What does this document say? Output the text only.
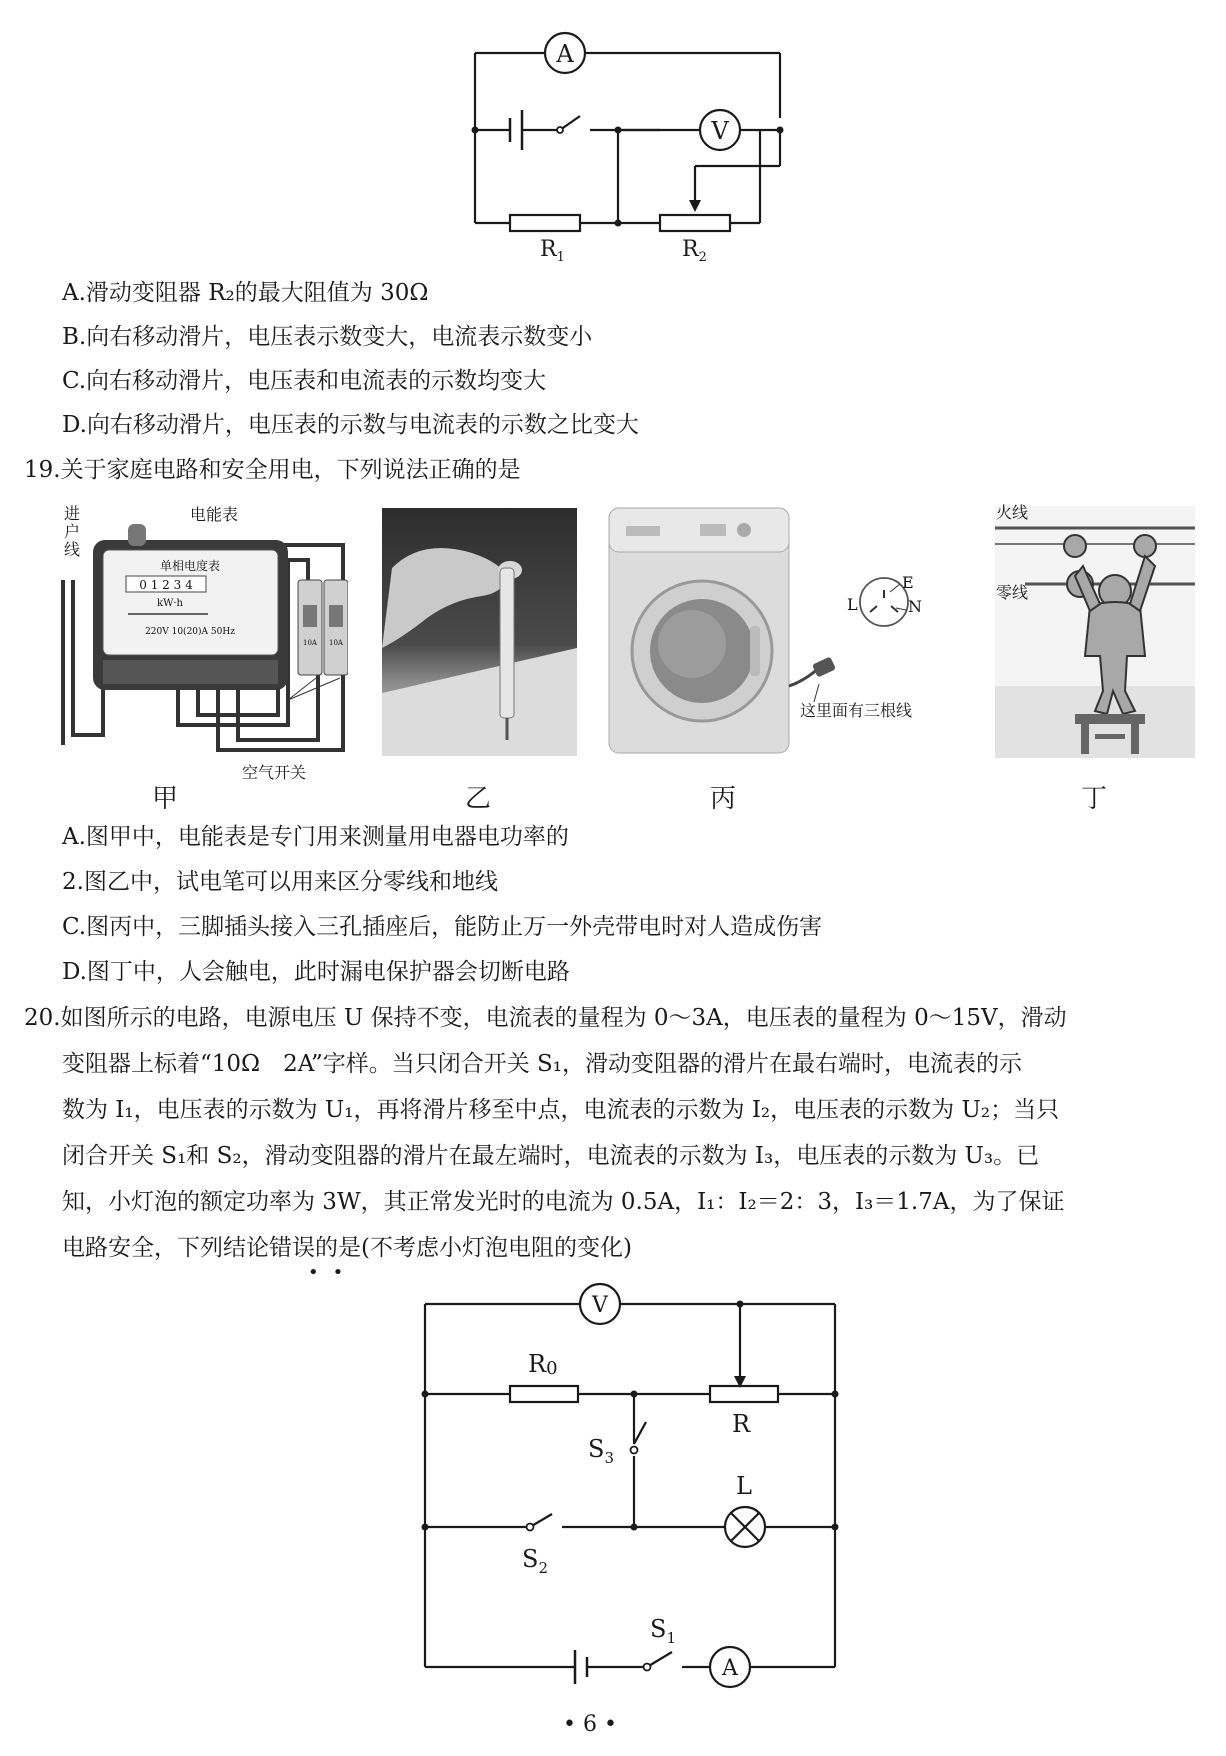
A
V
$R_1$	$R_2$
A.滑动变阻器 R₂的最大阻值为 30Ω
B.向右移动滑片，电压表示数变大，电流表示数变小
C.向右移动滑片，电压表和电流表的示数均变大
D.向右移动滑片，电压表的示数与电流表的示数之比变大
19.关于家庭电路和安全用电，下列说法正确的是
单相电度表
0 1 2 3 4
kW·h
220V 10(20)A 50Hz
10A 10A
电能表
进户线
空气开关
L
E
N
这里面有三根线
火线
零线
甲	乙	丙	丁
A.图甲中，电能表是专门用来测量用电器电功率的
2.图乙中，试电笔可以用来区分零线和地线
C.图丙中，三脚插头接入三孔插座后，能防止万一外壳带电时对人造成伤害
D.图丁中，人会触电，此时漏电保护器会切断电路
20.如图所示的电路，电源电压 U 保持不变，电流表的量程为 0～3A，电压表的量程为 0～15V，滑动
变阻器上标着“10Ω　2A”字样。当只闭合开关 S₁，滑动变阻器的滑片在最右端时，电流表的示
数为 I₁，电压表的示数为 U₁，再将滑片移至中点，电流表的示数为 I₂，电压表的示数为 U₂；当只
闭合开关 S₁和 S₂，滑动变阻器的滑片在最左端时，电流表的示数为 I₃，电压表的示数为 U₃。已
知，小灯泡的额定功率为 3W，其正常发光时的电流为 0.5A，I₁：I₂＝2：3，I₃＝1.7A，为了保证
电路安全，下列结论错误的是(不考虑小灯泡电阻的变化)
••
V
A
R0
R
$S_3$
L
$S_2$
$S_1$
• 6 •
